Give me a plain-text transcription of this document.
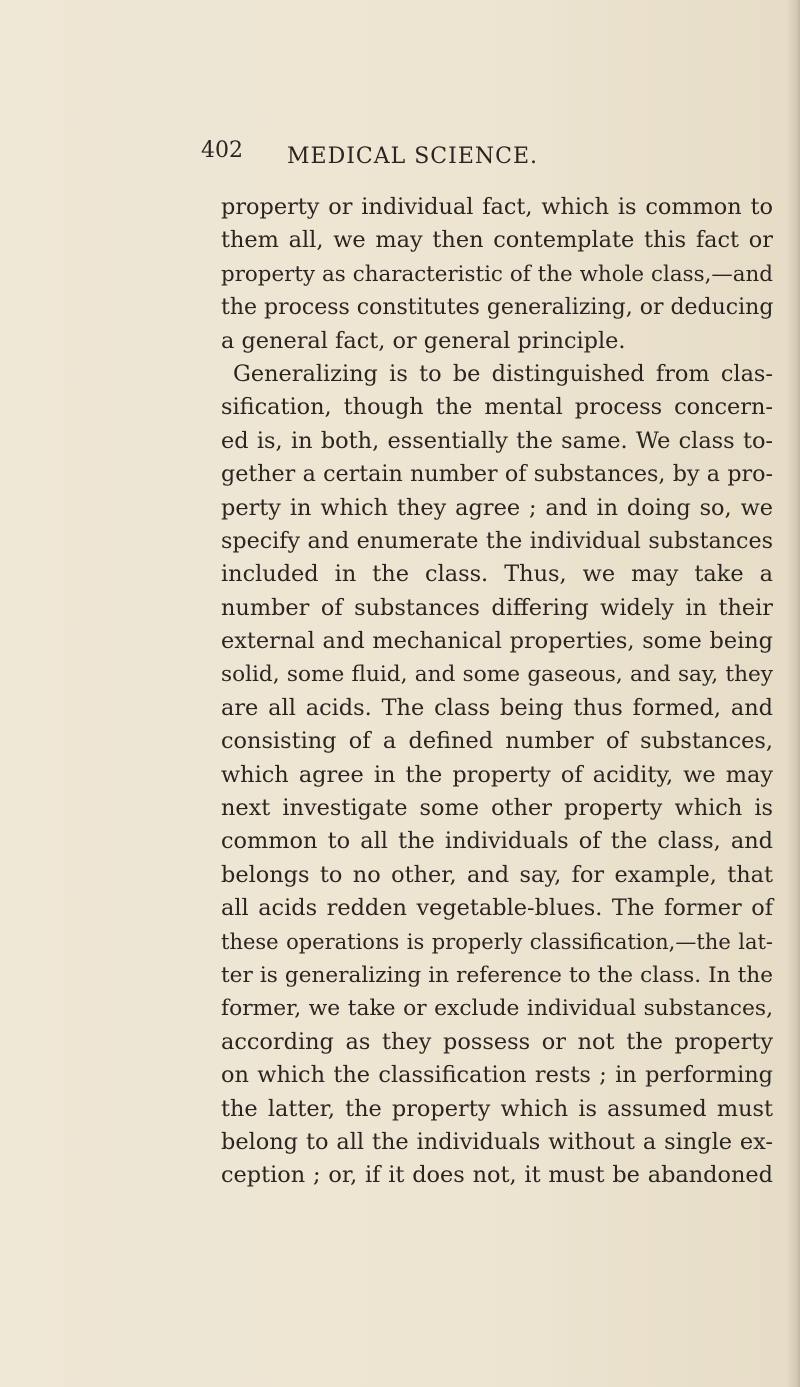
402 MEDICAL SCIENCE.
property or individual fact, which is common to
them all, we may then contemplate this fact or
property as characteristic of the whole class,—and
the process constitutes generalizing, or deducing
a general fact, or general principle.
Generalizing is to be distinguished from clas-
sification, though the mental process concern-
ed is, in both, essentially the same. We class to-
gether a certain number of substances, by a pro-
perty in which they agree ; and in doing so, we
specify and enumerate the individual substances
included in the class. Thus, we may take a
number of substances differing widely in their
external and mechanical properties, some being
solid, some fluid, and some gaseous, and say, they
are all acids. The class being thus formed, and
consisting of a defined number of substances,
which agree in the property of acidity, we may
next investigate some other property which is
common to all the individuals of the class, and
belongs to no other, and say, for example, that
all acids redden vegetable-blues. The former of
these operations is properly classification,—the lat-
ter is generalizing in reference to the class. In the
former, we take or exclude individual substances,
according as they possess or not the property
on which the classification rests ; in performing
the latter, the property which is assumed must
belong to all the individuals without a single ex-
ception ; or, if it does not, it must be abandoned
